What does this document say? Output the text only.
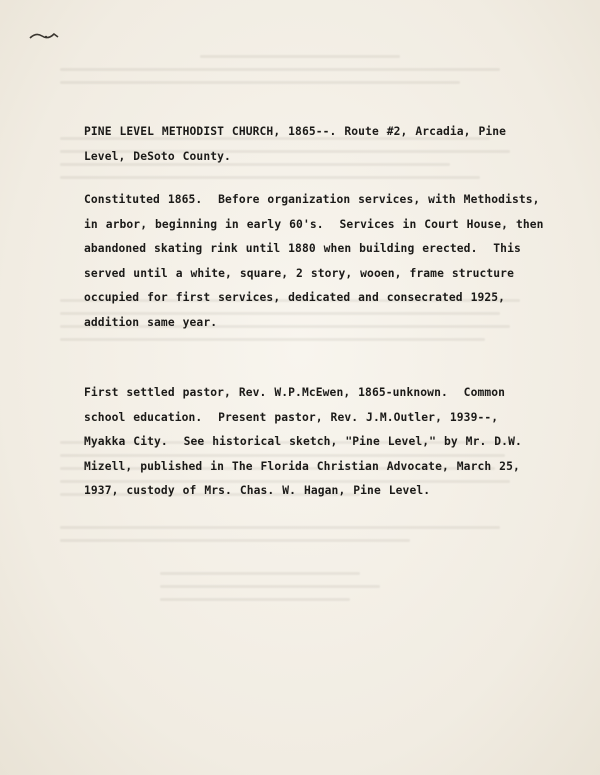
PINE LEVEL METHODIST CHURCH, 1865--. Route #2, Arcadia, Pine
Level, DeSoto County.
Constituted 1865.  Before organization services, with Methodists,
in arbor, beginning in early 60's.  Services in Court House, then
abandoned skating rink until 1880 when building erected.  This
served until a white, square, 2 story, wooen, frame structure
occupied for first services, dedicated and consecrated 1925,
addition same year.
First settled pastor, Rev. W.P.McEwen, 1865-unknown.  Common
school education.  Present pastor, Rev. J.M.Outler, 1939--,
Myakka City.  See historical sketch, "Pine Level," by Mr. D.W.
Mizell, published in The Florida Christian Advocate, March 25,
1937, custody of Mrs. Chas. W. Hagan, Pine Level.
